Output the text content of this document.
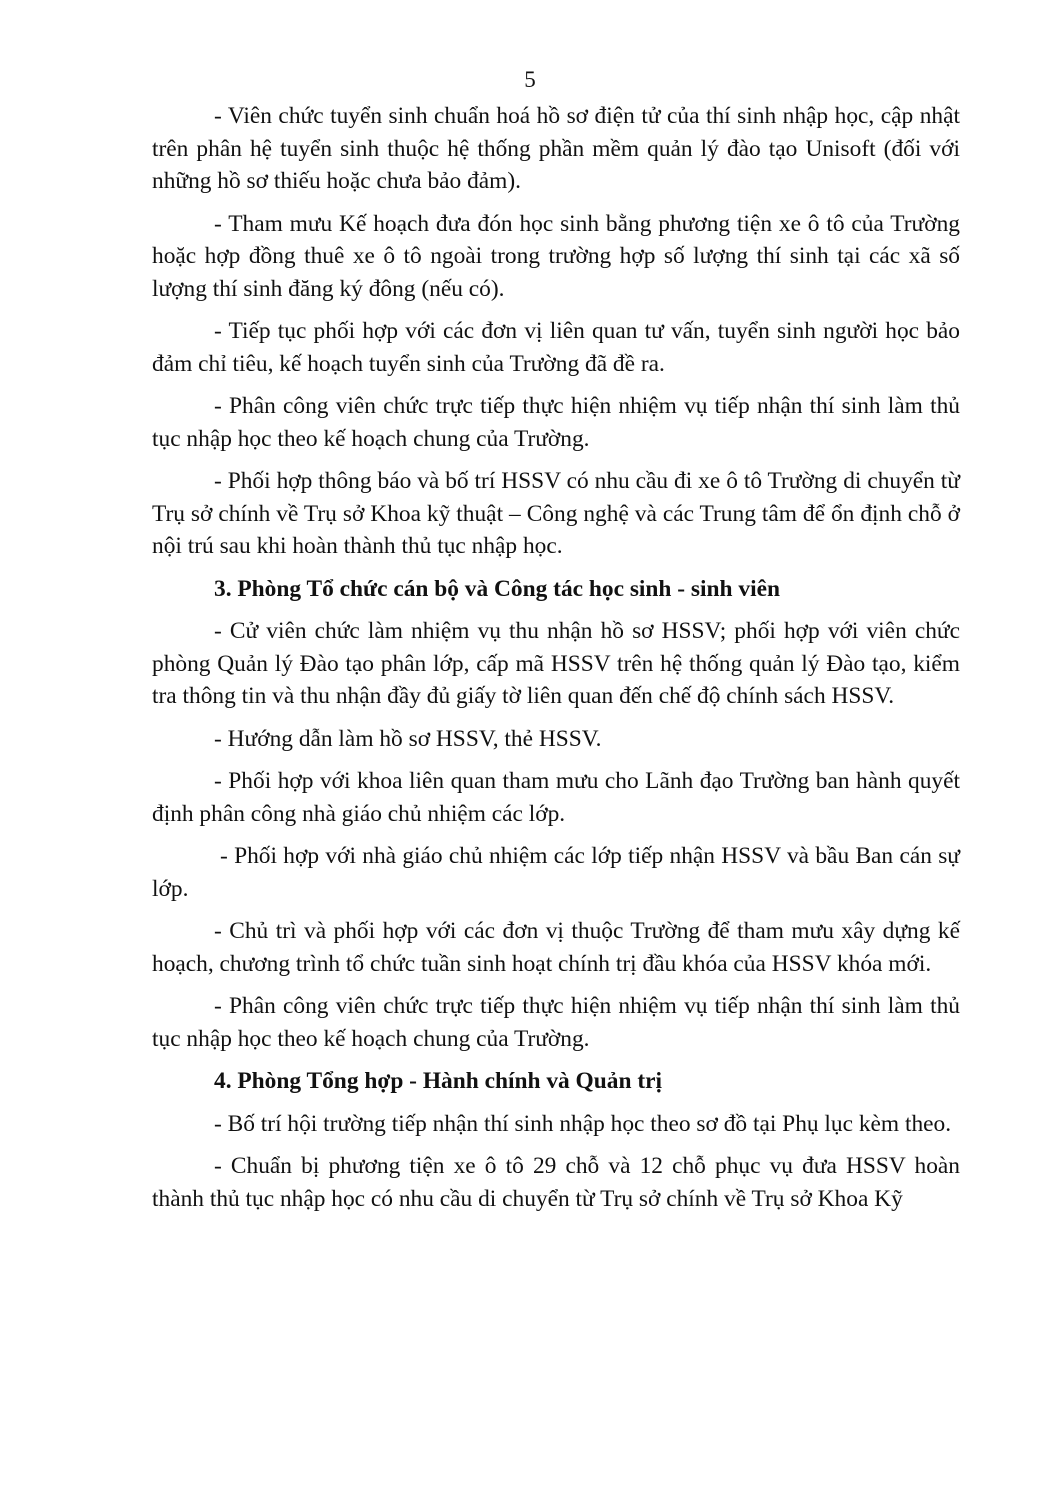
5

- Viên chức tuyển sinh chuẩn hoá hồ sơ điện tử của thí sinh nhập học, cập nhật trên phân hệ tuyển sinh thuộc hệ thống phần mềm quản lý đào tạo Unisoft (đối với những hồ sơ thiếu hoặc chưa bảo đảm).

- Tham mưu Kế hoạch đưa đón học sinh bằng phương tiện xe ô tô của Trường hoặc hợp đồng thuê xe ô tô ngoài trong trường hợp số lượng thí sinh tại các xã số lượng thí sinh đăng ký đông (nếu có).

- Tiếp tục phối hợp với các đơn vị liên quan tư vấn, tuyển sinh người học bảo đảm chỉ tiêu, kế hoạch tuyển sinh của Trường đã đề ra.

- Phân công viên chức trực tiếp thực hiện nhiệm vụ tiếp nhận thí sinh làm thủ tục nhập học theo kế hoạch chung của Trường.

- Phối hợp thông báo và bố trí HSSV có nhu cầu đi xe ô tô Trường di chuyển từ Trụ sở chính về Trụ sở Khoa kỹ thuật – Công nghệ và các Trung tâm để ổn định chỗ ở nội trú sau khi hoàn thành thủ tục nhập học.

3. Phòng Tổ chức cán bộ và Công tác học sinh - sinh viên

- Cử viên chức làm nhiệm vụ thu nhận hồ sơ HSSV; phối hợp với viên chức phòng Quản lý Đào tạo phân lớp, cấp mã HSSV trên hệ thống quản lý Đào tạo, kiểm tra thông tin và thu nhận đầy đủ giấy tờ liên quan đến chế độ chính sách HSSV.

- Hướng dẫn làm hồ sơ HSSV, thẻ HSSV.

- Phối hợp với khoa liên quan tham mưu cho Lãnh đạo Trường ban hành quyết định phân công nhà giáo chủ nhiệm các lớp.

- Phối hợp với nhà giáo chủ nhiệm các lớp tiếp nhận HSSV và bầu Ban cán sự lớp.

- Chủ trì và phối hợp với các đơn vị thuộc Trường để tham mưu xây dựng kế hoạch, chương trình tổ chức tuần sinh hoạt chính trị đầu khóa của HSSV khóa mới.

- Phân công viên chức trực tiếp thực hiện nhiệm vụ tiếp nhận thí sinh làm thủ tục nhập học theo kế hoạch chung của Trường.

4. Phòng Tổng hợp - Hành chính và Quản trị

- Bố trí hội trường tiếp nhận thí sinh nhập học theo sơ đồ tại Phụ lục kèm theo.

- Chuẩn bị phương tiện xe ô tô 29 chỗ và 12 chỗ phục vụ đưa HSSV hoàn thành thủ tục nhập học có nhu cầu di chuyển từ Trụ sở chính về Trụ sở Khoa Kỹ
